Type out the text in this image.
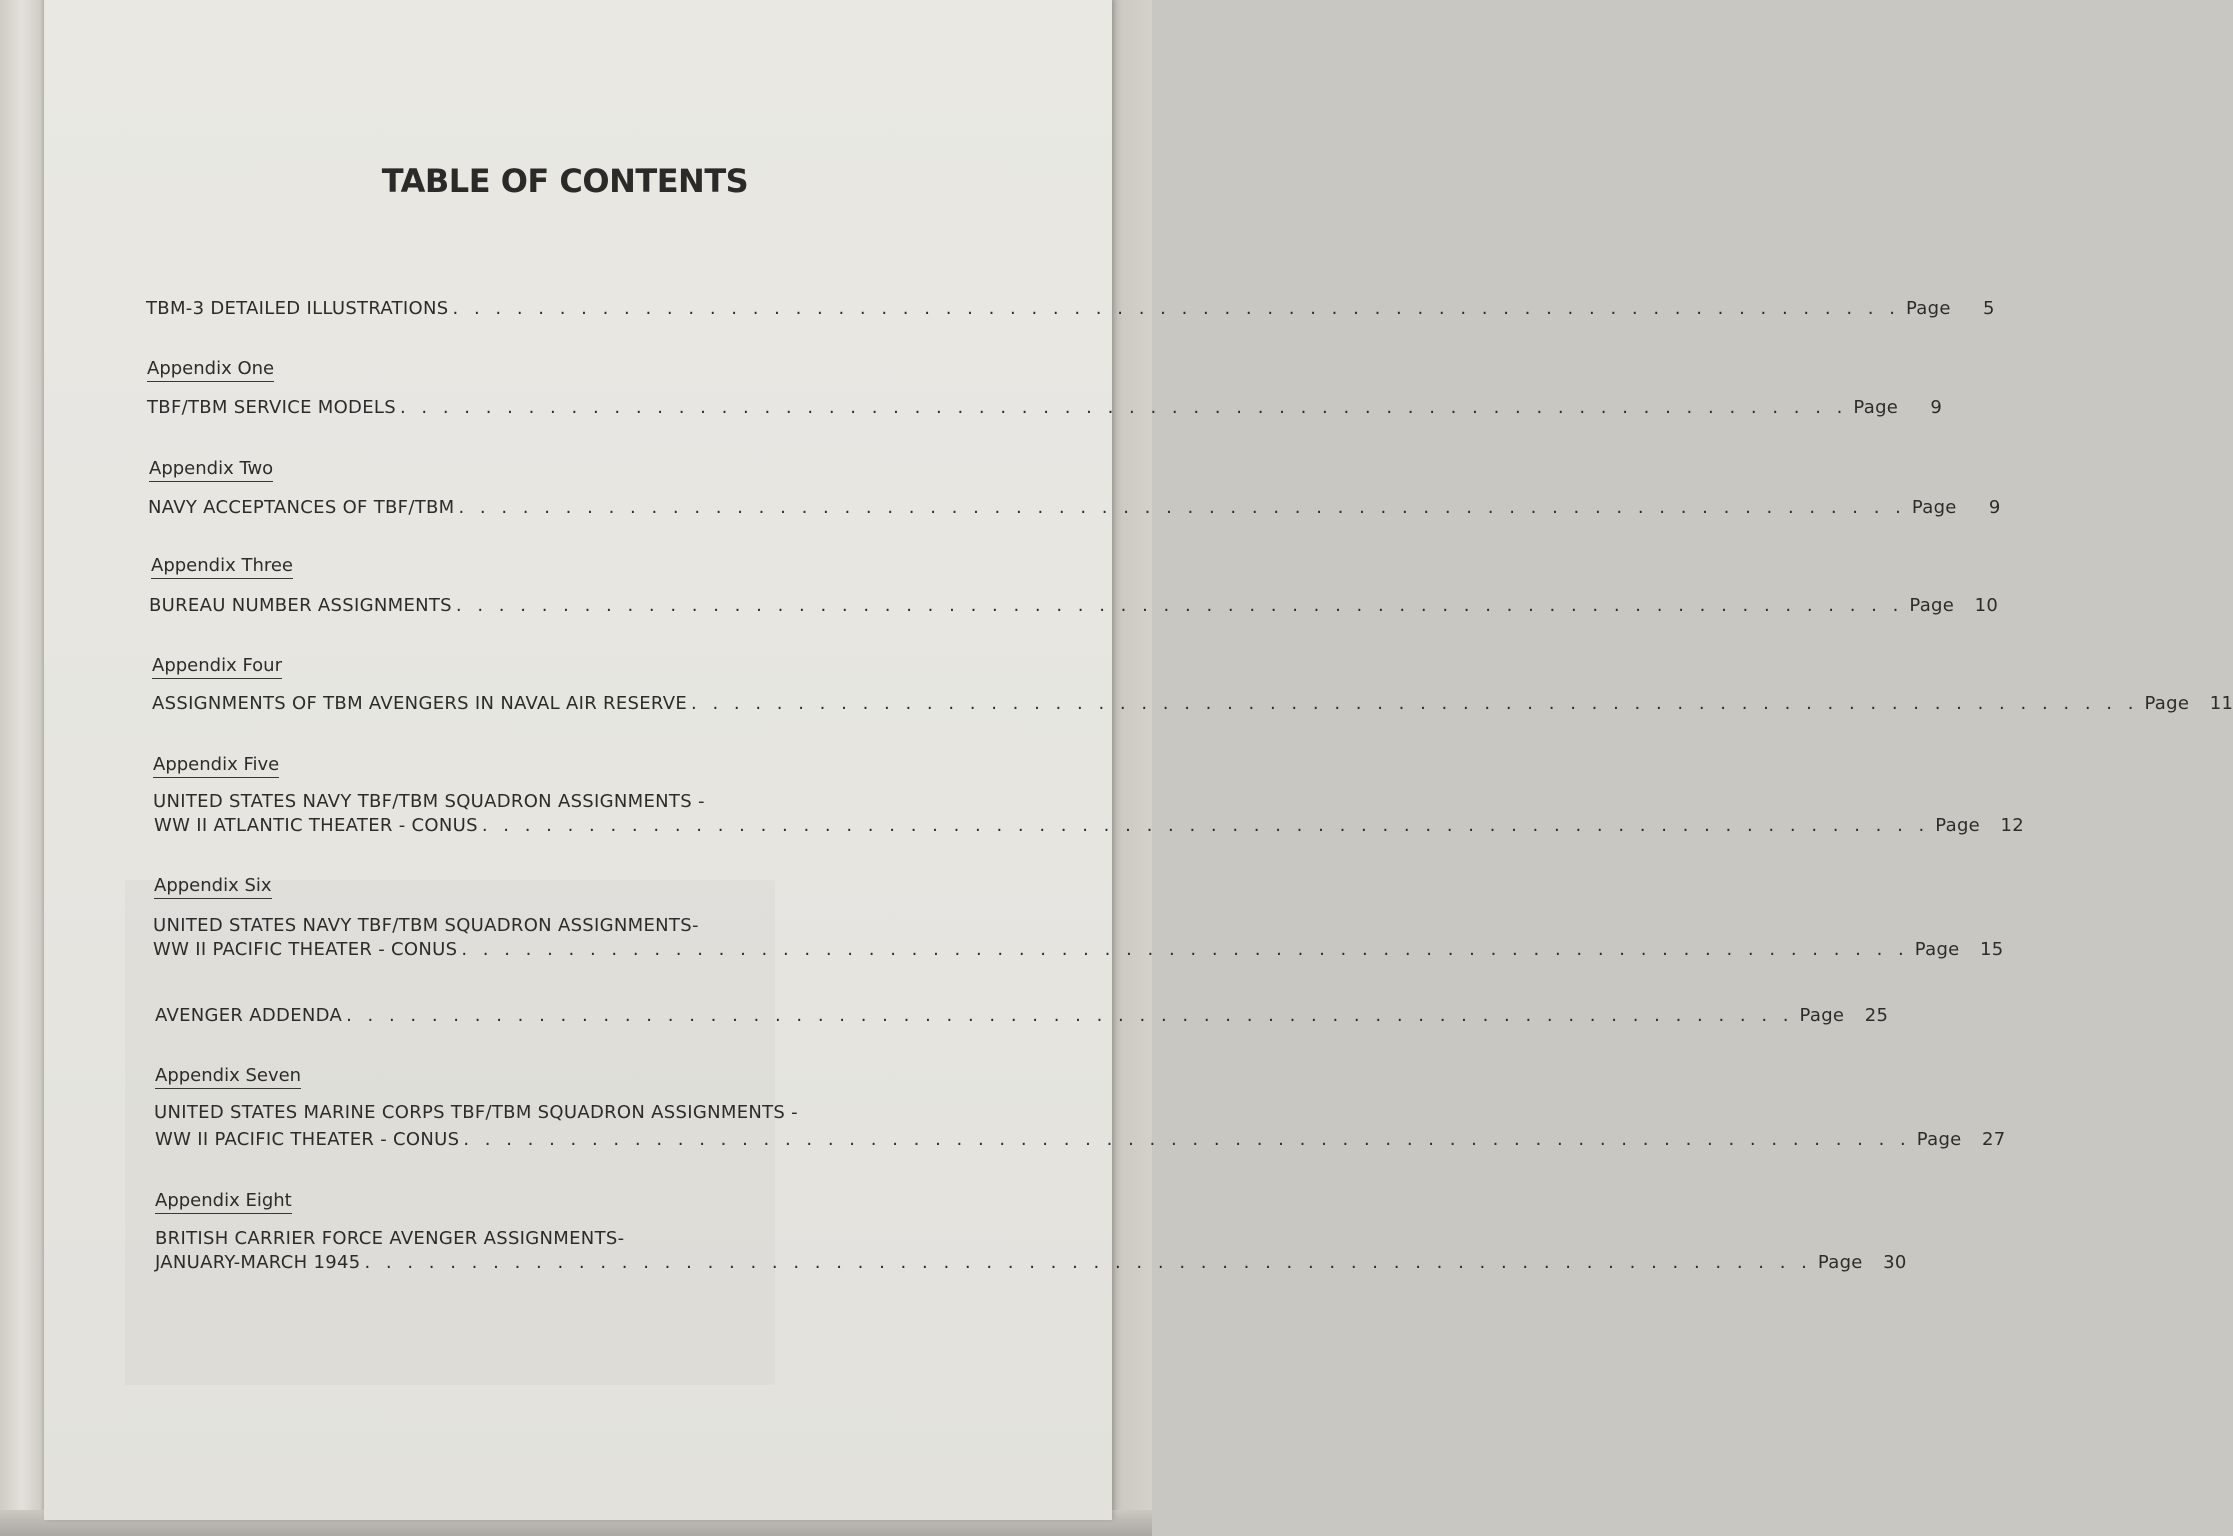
TABLE OF CONTENTS
TBM-3 DETAILED ILLUSTRATIONS . . . . . . . . . . . . . . . . . . . . . . . . . . . . . . . . . . . . . . . . . . . . . . . . . . . . . . . . . . . . . . . . . . . . Page	5
Appendix One
TBF/TBM SERVICE MODELS . . . . . . . . . . . . . . . . . . . . . . . . . . . . . . . . . . . . . . . . . . . . . . . . . . . . . . . . . . . . . . . . . . . . Page	9
Appendix Two
NAVY ACCEPTANCES OF TBF/TBM . . . . . . . . . . . . . . . . . . . . . . . . . . . . . . . . . . . . . . . . . . . . . . . . . . . . . . . . . . . . . . . . . . . . Page	9
Appendix Three
BUREAU NUMBER ASSIGNMENTS . . . . . . . . . . . . . . . . . . . . . . . . . . . . . . . . . . . . . . . . . . . . . . . . . . . . . . . . . . . . . . . . . . . . Page	10
Appendix Four
ASSIGNMENTS OF TBM AVENGERS IN NAVAL AIR RESERVE . . . . . . . . . . . . . . . . . . . . . . . . . . . . . . . . . . . . . . . . . . . . . . . . . . . . . . . . . . . . . . . . . . . . Page	11
Appendix Five
UNITED STATES NAVY TBF/TBM SQUADRON ASSIGNMENTS -
WW II ATLANTIC THEATER - CONUS . . . . . . . . . . . . . . . . . . . . . . . . . . . . . . . . . . . . . . . . . . . . . . . . . . . . . . . . . . . . . . . . . . . . Page	12
Appendix Six
UNITED STATES NAVY TBF/TBM SQUADRON ASSIGNMENTS-
WW II PACIFIC THEATER - CONUS . . . . . . . . . . . . . . . . . . . . . . . . . . . . . . . . . . . . . . . . . . . . . . . . . . . . . . . . . . . . . . . . . . . . Page	15
AVENGER ADDENDA . . . . . . . . . . . . . . . . . . . . . . . . . . . . . . . . . . . . . . . . . . . . . . . . . . . . . . . . . . . . . . . . . . . . Page	25
Appendix Seven
UNITED STATES MARINE CORPS TBF/TBM SQUADRON ASSIGNMENTS -
WW II PACIFIC THEATER - CONUS . . . . . . . . . . . . . . . . . . . . . . . . . . . . . . . . . . . . . . . . . . . . . . . . . . . . . . . . . . . . . . . . . . . . Page	27
Appendix Eight
BRITISH CARRIER FORCE AVENGER ASSIGNMENTS-
JANUARY-MARCH 1945 . . . . . . . . . . . . . . . . . . . . . . . . . . . . . . . . . . . . . . . . . . . . . . . . . . . . . . . . . . . . . . . . . . . . Page	30
